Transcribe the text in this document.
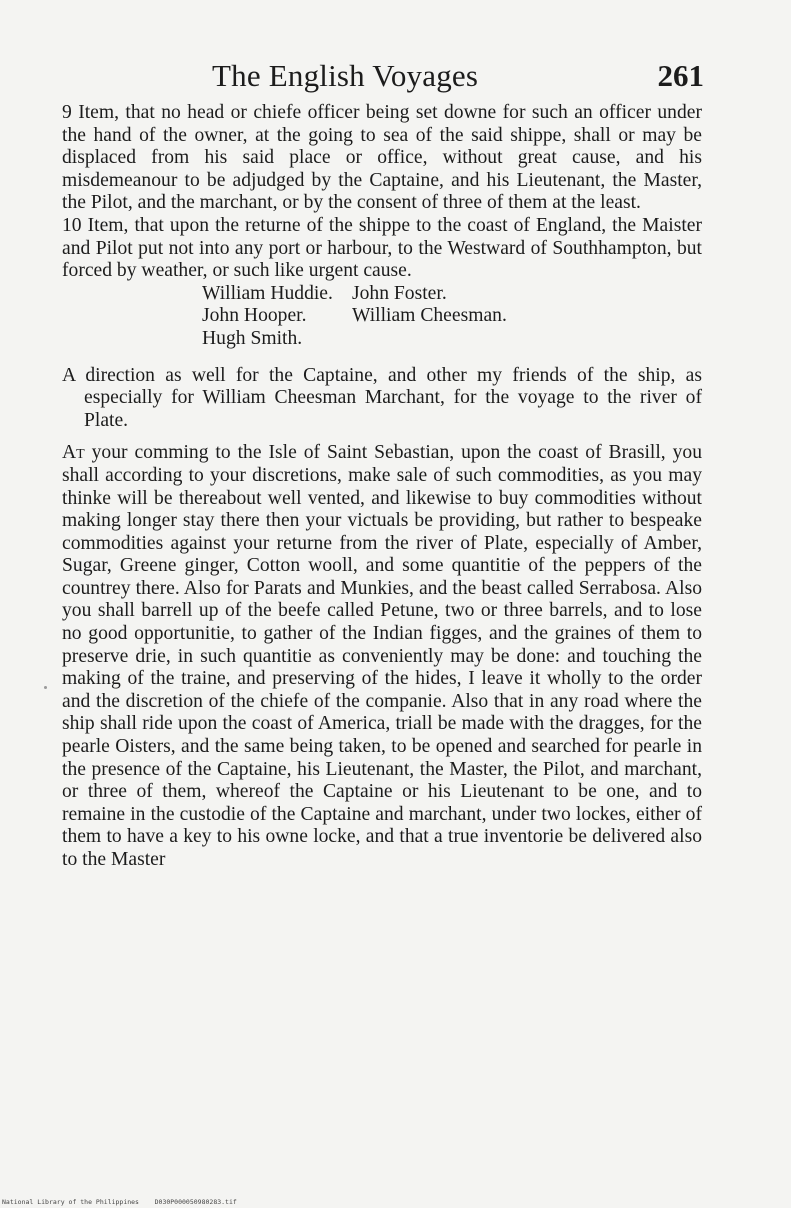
The English Voyages	261

9 Item, that no head or chiefe officer being set downe for such an officer under the hand of the owner, at the going to sea of the said shippe, shall or may be displaced from his said place or office, without great cause, and his misdemeanour to be adjudged by the Captaine, and his Lieutenant, the Master, the Pilot, and the marchant, or by the consent of three of them at the least.

10 Item, that upon the returne of the shippe to the coast of England, the Maister and Pilot put not into any port or harbour, to the Westward of Southhampton, but forced by weather, or such like urgent cause.

William Huddie. John Foster.
John Hooper.	William Cheesman.
Hugh Smith.
A direction as well for the Captaine, and other my friends of the ship, as especially for William Cheesman Marchant, for the voyage to the river of Plate.

At your comming to the Isle of Saint Sebastian, upon the coast of Brasill, you shall according to your discretions, make sale of such commodities, as you may thinke will be thereabout well vented, and likewise to buy commodities without making longer stay there then your victuals be providing, but rather to bespeake commodities against your returne from the river of Plate, especially of Amber, Sugar, Greene ginger, Cotton wooll, and some quantitie of the peppers of the countrey there. Also for Parats and Munkies, and the beast called Serrabosa. Also you shall barrell up of the beefe called Petune, two or three barrels, and to lose no good opportunitie, to gather of the Indian figges, and the graines of them to preserve drie, in such quantitie as conveniently may be done: and touching the making of the traine, and preserving of the hides, I leave it wholly to the order and the discretion of the chiefe of the companie. Also that in any road where the ship shall ride upon the coast of America, triall be made with the dragges, for the pearle Oisters, and the same being taken, to be opened and searched for pearle in the presence of the Captaine, his Lieutenant, the Master, the Pilot, and marchant, or three of them, whereof the Captaine or his Lieutenant to be one, and to remaine in the custodie of the Captaine and marchant, under two lockes, either of them to have a key to his owne locke, and that a true inventorie be delivered also to the Master

National Library of the Philippines    D030P000050980283.tif
